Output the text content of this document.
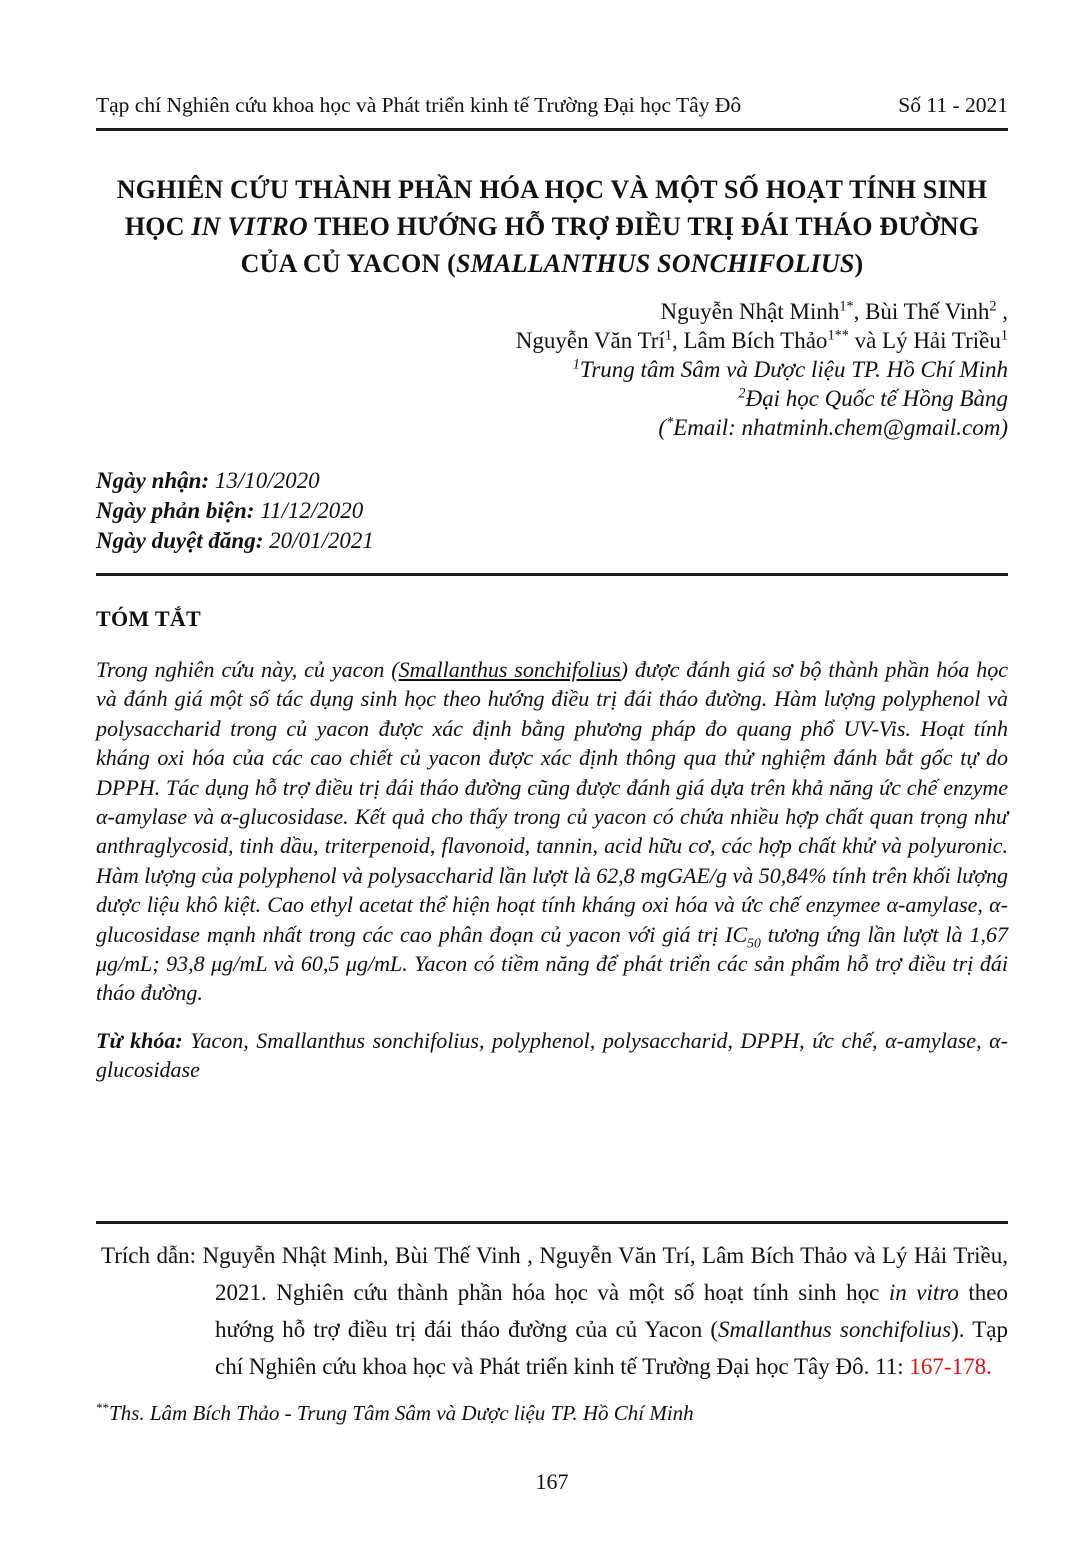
Tạp chí Nghiên cứu khoa học và Phát triển kinh tế Trường Đại học Tây Đô	Số 11 - 2021
NGHIÊN CỨU THÀNH PHẦN HÓA HỌC VÀ MỘT SỐ HOẠT TÍNH SINH HỌC IN VITRO THEO HƯỚNG HỖ TRỢ ĐIỀU TRỊ ĐÁI THÁO ĐƯỜNG CỦA CỦ YACON (SMALLANTHUS SONCHIFOLIUS)
Nguyễn Nhật Minh$^{1*}$, Bùi Thế Vinh$^2$ ,
Nguyễn Văn Trí$^1$, Lâm Bích Thảo$^{1**}$ và Lý Hải Triều$^1$
$^1$Trung tâm Sâm và Dược liệu TP. Hồ Chí Minh
$^2$Đại học Quốc tế Hồng Bàng
(*Email: nhatminh.chem@gmail.com)
Ngày nhận: 13/10/2020
Ngày phản biện: 11/12/2020
Ngày duyệt đăng: 20/01/2021
TÓM TẮT

Trong nghiên cứu này, củ yacon (Smallanthus sonchifolius) được đánh giá sơ bộ thành phần hóa học và đánh giá một số tác dụng sinh học theo hướng điều trị đái tháo đường. Hàm lượng polyphenol và polysaccharid trong củ yacon được xác định bằng phương pháp đo quang phổ UV-Vis. Hoạt tính kháng oxi hóa của các cao chiết củ yacon được xác định thông qua thử nghiệm đánh bắt gốc tự do DPPH. Tác dụng hỗ trợ điều trị đái tháo đường cũng được đánh giá dựa trên khả năng ức chế enzyme α-amylase và α-glucosidase. Kết quả cho thấy trong củ yacon có chứa nhiều hợp chất quan trọng như anthraglycosid, tinh dầu, triterpenoid, flavonoid, tannin, acid hữu cơ, các hợp chất khử và polyuronic. Hàm lượng của polyphenol và polysaccharid lần lượt là 62,8 mgGAE/g và 50,84% tính trên khối lượng dược liệu khô kiệt. Cao ethyl acetat thể hiện hoạt tính kháng oxi hóa và ức chế enzymee α-amylase, α-glucosidase mạnh nhất trong các cao phân đoạn củ yacon với giá trị $IC_{50}$ tương ứng lần lượt là 1,67 μg/mL; 93,8 μg/mL và 60,5 μg/mL. Yacon có tiềm năng để phát triển các sản phẩm hỗ trợ điều trị đái tháo đường.

Từ khóa: Yacon, Smallanthus sonchifolius, polyphenol, polysaccharid, DPPH, ức chế, α-amylase, α-glucosidase

Trích dẫn: Nguyễn Nhật Minh, Bùi Thế Vinh , Nguyễn Văn Trí, Lâm Bích Thảo và Lý Hải Triều, 2021. Nghiên cứu thành phần hóa học và một số hoạt tính sinh học in vitro theo hướng hỗ trợ điều trị đái tháo đường của củ Yacon (Smallanthus sonchifolius). Tạp chí Nghiên cứu khoa học và Phát triển kinh tế Trường Đại học Tây Đô. 11: 167-178.

**Ths. Lâm Bích Thảo - Trung Tâm Sâm và Dược liệu TP. Hồ Chí Minh
167
